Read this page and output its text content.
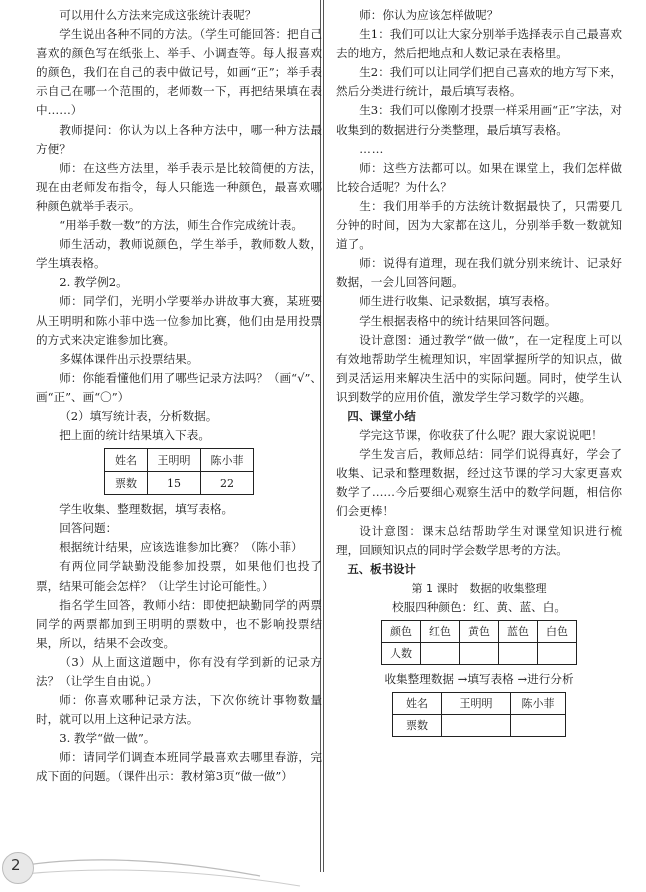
可以用什么方法来完成这张统计表呢？

学生说出各种不同的方法。（学生可能回答：把自己喜欢的颜色写在纸张上、举手、小调查等。每人报喜欢的颜色，我们在自己的表中做记号，如画“正”；举手表示自己在哪一个范围的，老师数一下，再把结果填在表中……）

教师提问：你认为以上各种方法中，哪一种方法最方便？

师：在这些方法里，举手表示是比较简便的方法，现在由老师发布指令，每人只能选一种颜色，最喜欢哪种颜色就举手表示。

“用举手数一数”的方法，师生合作完成统计表。

师生活动，教师说颜色，学生举手，教师数人数，学生填表格。

2. 教学例2。

师：同学们，光明小学要举办讲故事大赛，某班要从王明明和陈小菲中选一位参加比赛，他们由是用投票的方式来决定谁参加比赛。

多媒体课件出示投票结果。

师：你能看懂他们用了哪些记录方法吗？（画“√”、画“正”、画“〇”）

（2）填写统计表，分析数据。

把上面的统计结果填入下表。

姓名	王明明	陈小菲
票数	15	22

学生收集、整理数据，填写表格。

回答问题：

根据统计结果，应该选谁参加比赛？（陈小菲）

有两位同学缺勤没能参加投票，如果他们也投了票，结果可能会怎样？（让学生讨论可能性。）

指名学生回答，教师小结：即使把缺勤同学的两票同学的两票都加到王明明的票数中，也不影响投票结果，所以，结果不会改变。

（3）从上面这道题中，你有没有学到新的记录方法？（让学生自由说。）

师：你喜欢哪种记录方法，下次你统计事物数量时，就可以用上这种记录方法。

3. 教学“做一做”。

师：请同学们调查本班同学最喜欢去哪里春游，完成下面的问题。（课件出示：教材第3页“做一做”）

师：你认为应该怎样做呢？

生1：我们可以让大家分别举手选择表示自己最喜欢去的地方，然后把地点和人数记录在表格里。

生2：我们可以让同学们把自己喜欢的地方写下来，然后分类进行统计，最后填写表格。

生3：我们可以像刚才投票一样采用画“正”字法，对收集到的数据进行分类整理，最后填写表格。

……

师：这些方法都可以。如果在课堂上，我们怎样做比较合适呢？为什么？

生：我们用举手的方法统计数据最快了，只需要几分钟的时间，因为大家都在这儿，分别举手数一数就知道了。

师：说得有道理，现在我们就分别来统计、记录好数据，一会儿回答问题。

师生进行收集、记录数据，填写表格。

学生根据表格中的统计结果回答问题。

设计意图：通过教学“做一做”，在一定程度上可以有效地帮助学生梳理知识，牢固掌握所学的知识点，做到灵活运用来解决生活中的实际问题。同时，使学生认识到数学的应用价值，激发学生学习数学的兴趣。

四、课堂小结

学完这节课，你收获了什么呢？跟大家说说吧！

学生发言后，教师总结：同学们说得真好，学会了收集、记录和整理数据，经过这节课的学习大家更喜欢数学了……今后要细心观察生活中的数学问题，相信你们会更棒！

设计意图：课末总结帮助学生对课堂知识进行梳理，回顾知识点的同时学会数学思考的方法。

五、板书设计

第 1 课时　数据的收集整理

校服四种颜色：红、黄、蓝、白。

颜色	红色	黄色	蓝色	白色
人数				

收集整理数据 →填写表格 →进行分析

姓名	王明明	陈小菲
票数		
2
